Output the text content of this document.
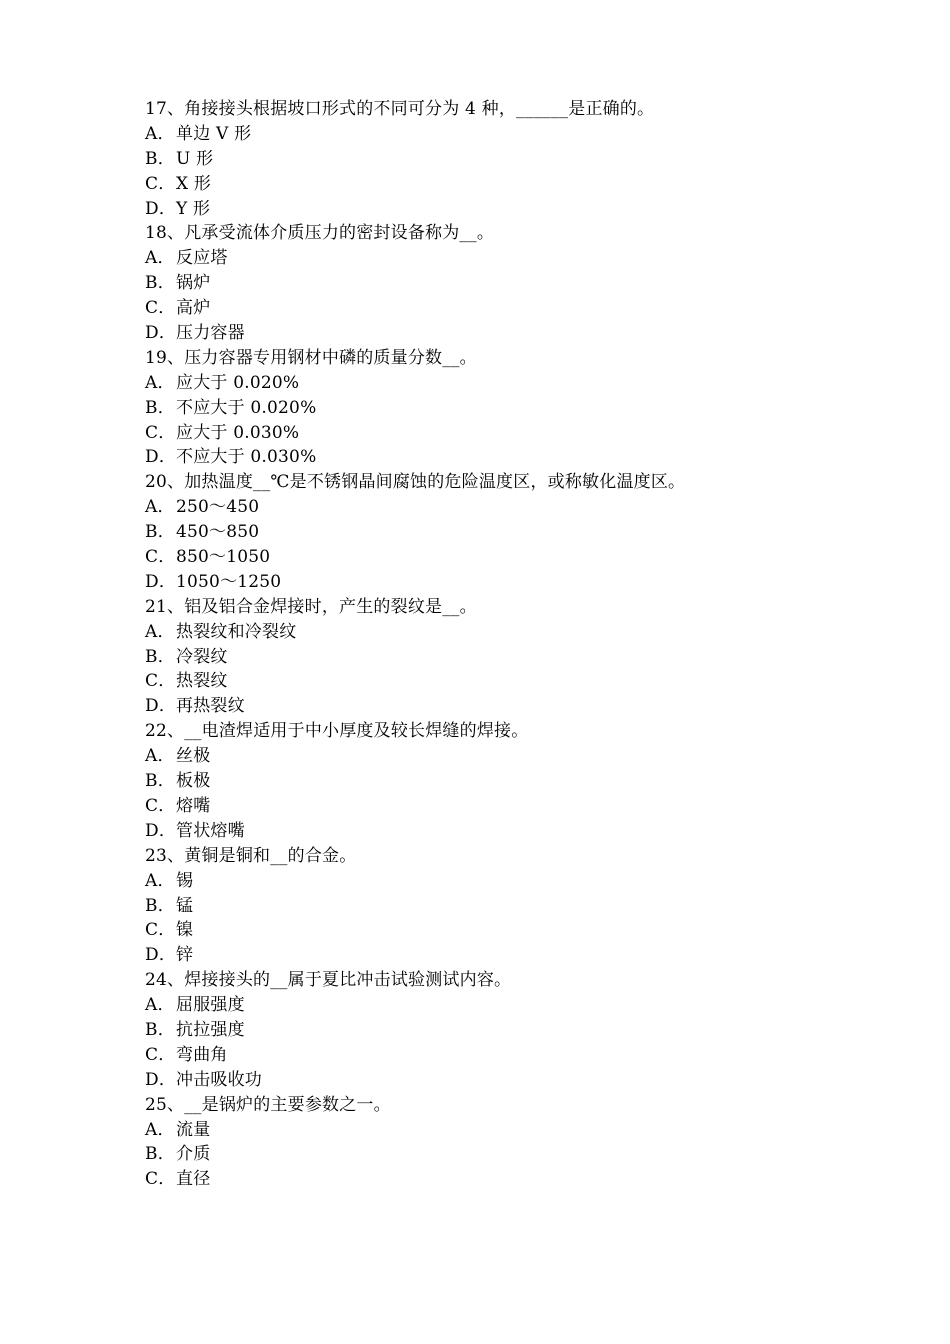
17、角接接头根据坡口形式的不同可分为 4 种，______是正确的。
A．单边 V 形
B．U 形
C．X 形
D．Y 形
18、凡承受流体介质压力的密封设备称为__。
A．反应塔
B．锅炉
C．高炉
D．压力容器
19、压力容器专用钢材中磷的质量分数__。
A．应大于 0.020%
B．不应大于 0.020%
C．应大于 0.030%
D．不应大于 0.030%
20、加热温度__℃是不锈钢晶间腐蚀的危险温度区，或称敏化温度区。
A．250～450
B．450～850
C．850～1050
D．1050～1250
21、铝及铝合金焊接时，产生的裂纹是__。
A．热裂纹和冷裂纹
B．冷裂纹
C．热裂纹
D．再热裂纹
22、__电渣焊适用于中小厚度及较长焊缝的焊接。
A．丝极
B．板极
C．熔嘴
D．管状熔嘴
23、黄铜是铜和__的合金。
A．锡
B．锰
C．镍
D．锌
24、焊接接头的__属于夏比冲击试验测试内容。
A．屈服强度
B．抗拉强度
C．弯曲角
D．冲击吸收功
25、__是锅炉的主要参数之一。
A．流量
B．介质
C．直径
